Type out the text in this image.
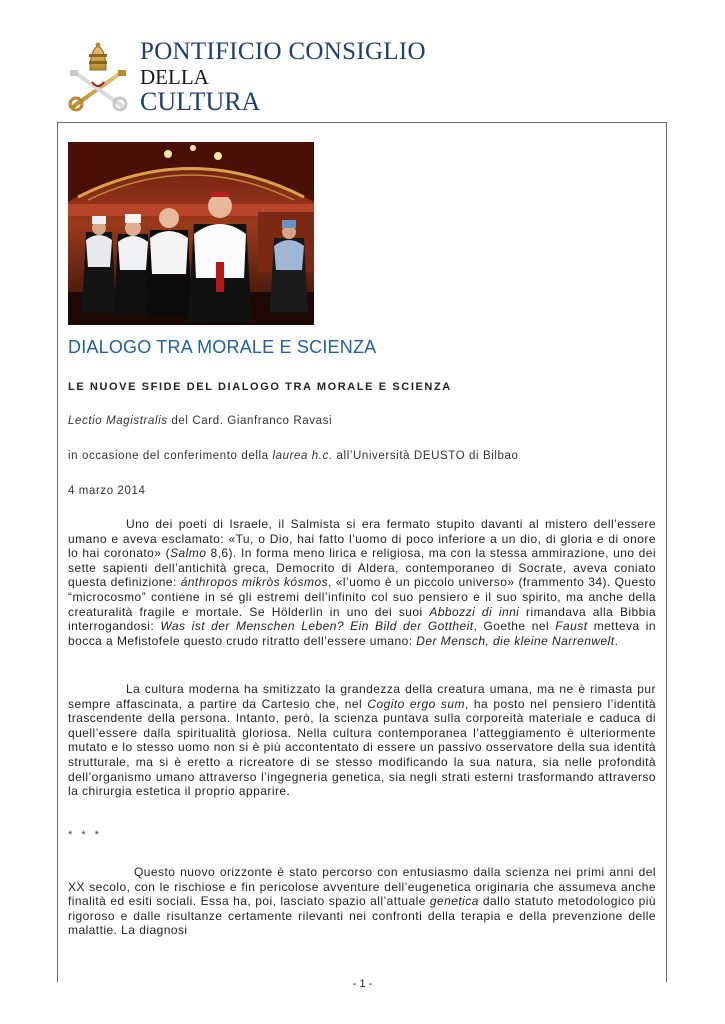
PONTIFICIO CONSIGLIO
DELLA
CULTURA
DIALOGO TRA MORALE E SCIENZA
LE NUOVE SFIDE DEL DIALOGO TRA MORALE E SCIENZA
Lectio Magistralis del Card. Gianfranco Ravasi
in occasione del conferimento della laurea h.c. all’Università DEUSTO di Bilbao
4 marzo 2014

Uno dei poeti di Israele, il Salmista si era fermato stupito davanti al mistero dell’essere umano e aveva esclamato: «Tu, o Dio, hai fatto l’uomo di poco inferiore a un dio, di gloria e di onore lo hai coronato» (Salmo 8,6). In forma meno lirica e religiosa, ma con la stessa ammirazione, uno dei sette sapienti dell’antichità greca, Democrito di Aldera, contemporaneo di Socrate, aveva coniato questa definizione: ánthropos mikròs kósmos, «l’uomo è un piccolo universo» (frammento 34). Questo “microcosmo” contiene in sé gli estremi dell’infinito col suo pensiero e il suo spirito, ma anche della creaturalità fragile e mortale. Se Hölderlin in uno dei suoi Abbozzi di inni rimandava alla Bibbia interrogandosi: Was ist der Menschen Leben? Ein Bild der Gottheit, Goethe nel Faust metteva in bocca a Mefistofele questo crudo ritratto dell’essere umano: Der Mensch, die kleine Narrenwelt.

La cultura moderna ha smitizzato la grandezza della creatura umana, ma ne è rimasta pur sempre affascinata, a partire da Cartesio che, nel Cogito ergo sum, ha posto nel pensiero l’identità trascendente della persona. Intanto, però, la scienza puntava sulla corporeità materiale e caduca di quell’essere dalla spiritualità gloriosa. Nella cultura contemporanea l’atteggiamento è ulteriormente mutato e lo stesso uomo non si è più accontentato di essere un passivo osservatore della sua identità strutturale, ma si è eretto a ricreatore di se stesso modificando la sua natura, sia nelle profondità dell’organismo umano attraverso l’ingegneria genetica, sia negli strati esterni trasformando attraverso la chirurgia estetica il proprio apparire.

* * *

Questo nuovo orizzonte è stato percorso con entusiasmo dalla scienza nei primi anni del XX secolo, con le rischiose e fin pericolose avventure dell’eugenetica originaria che assumeva anche finalità ed esiti sociali. Essa ha, poi, lasciato spazio all’attuale genetica dallo statuto metodologico più rigoroso e dalle risultanze certamente rilevanti nei confronti della terapia e della prevenzione delle malattie. La diagnosi

- 1 -
